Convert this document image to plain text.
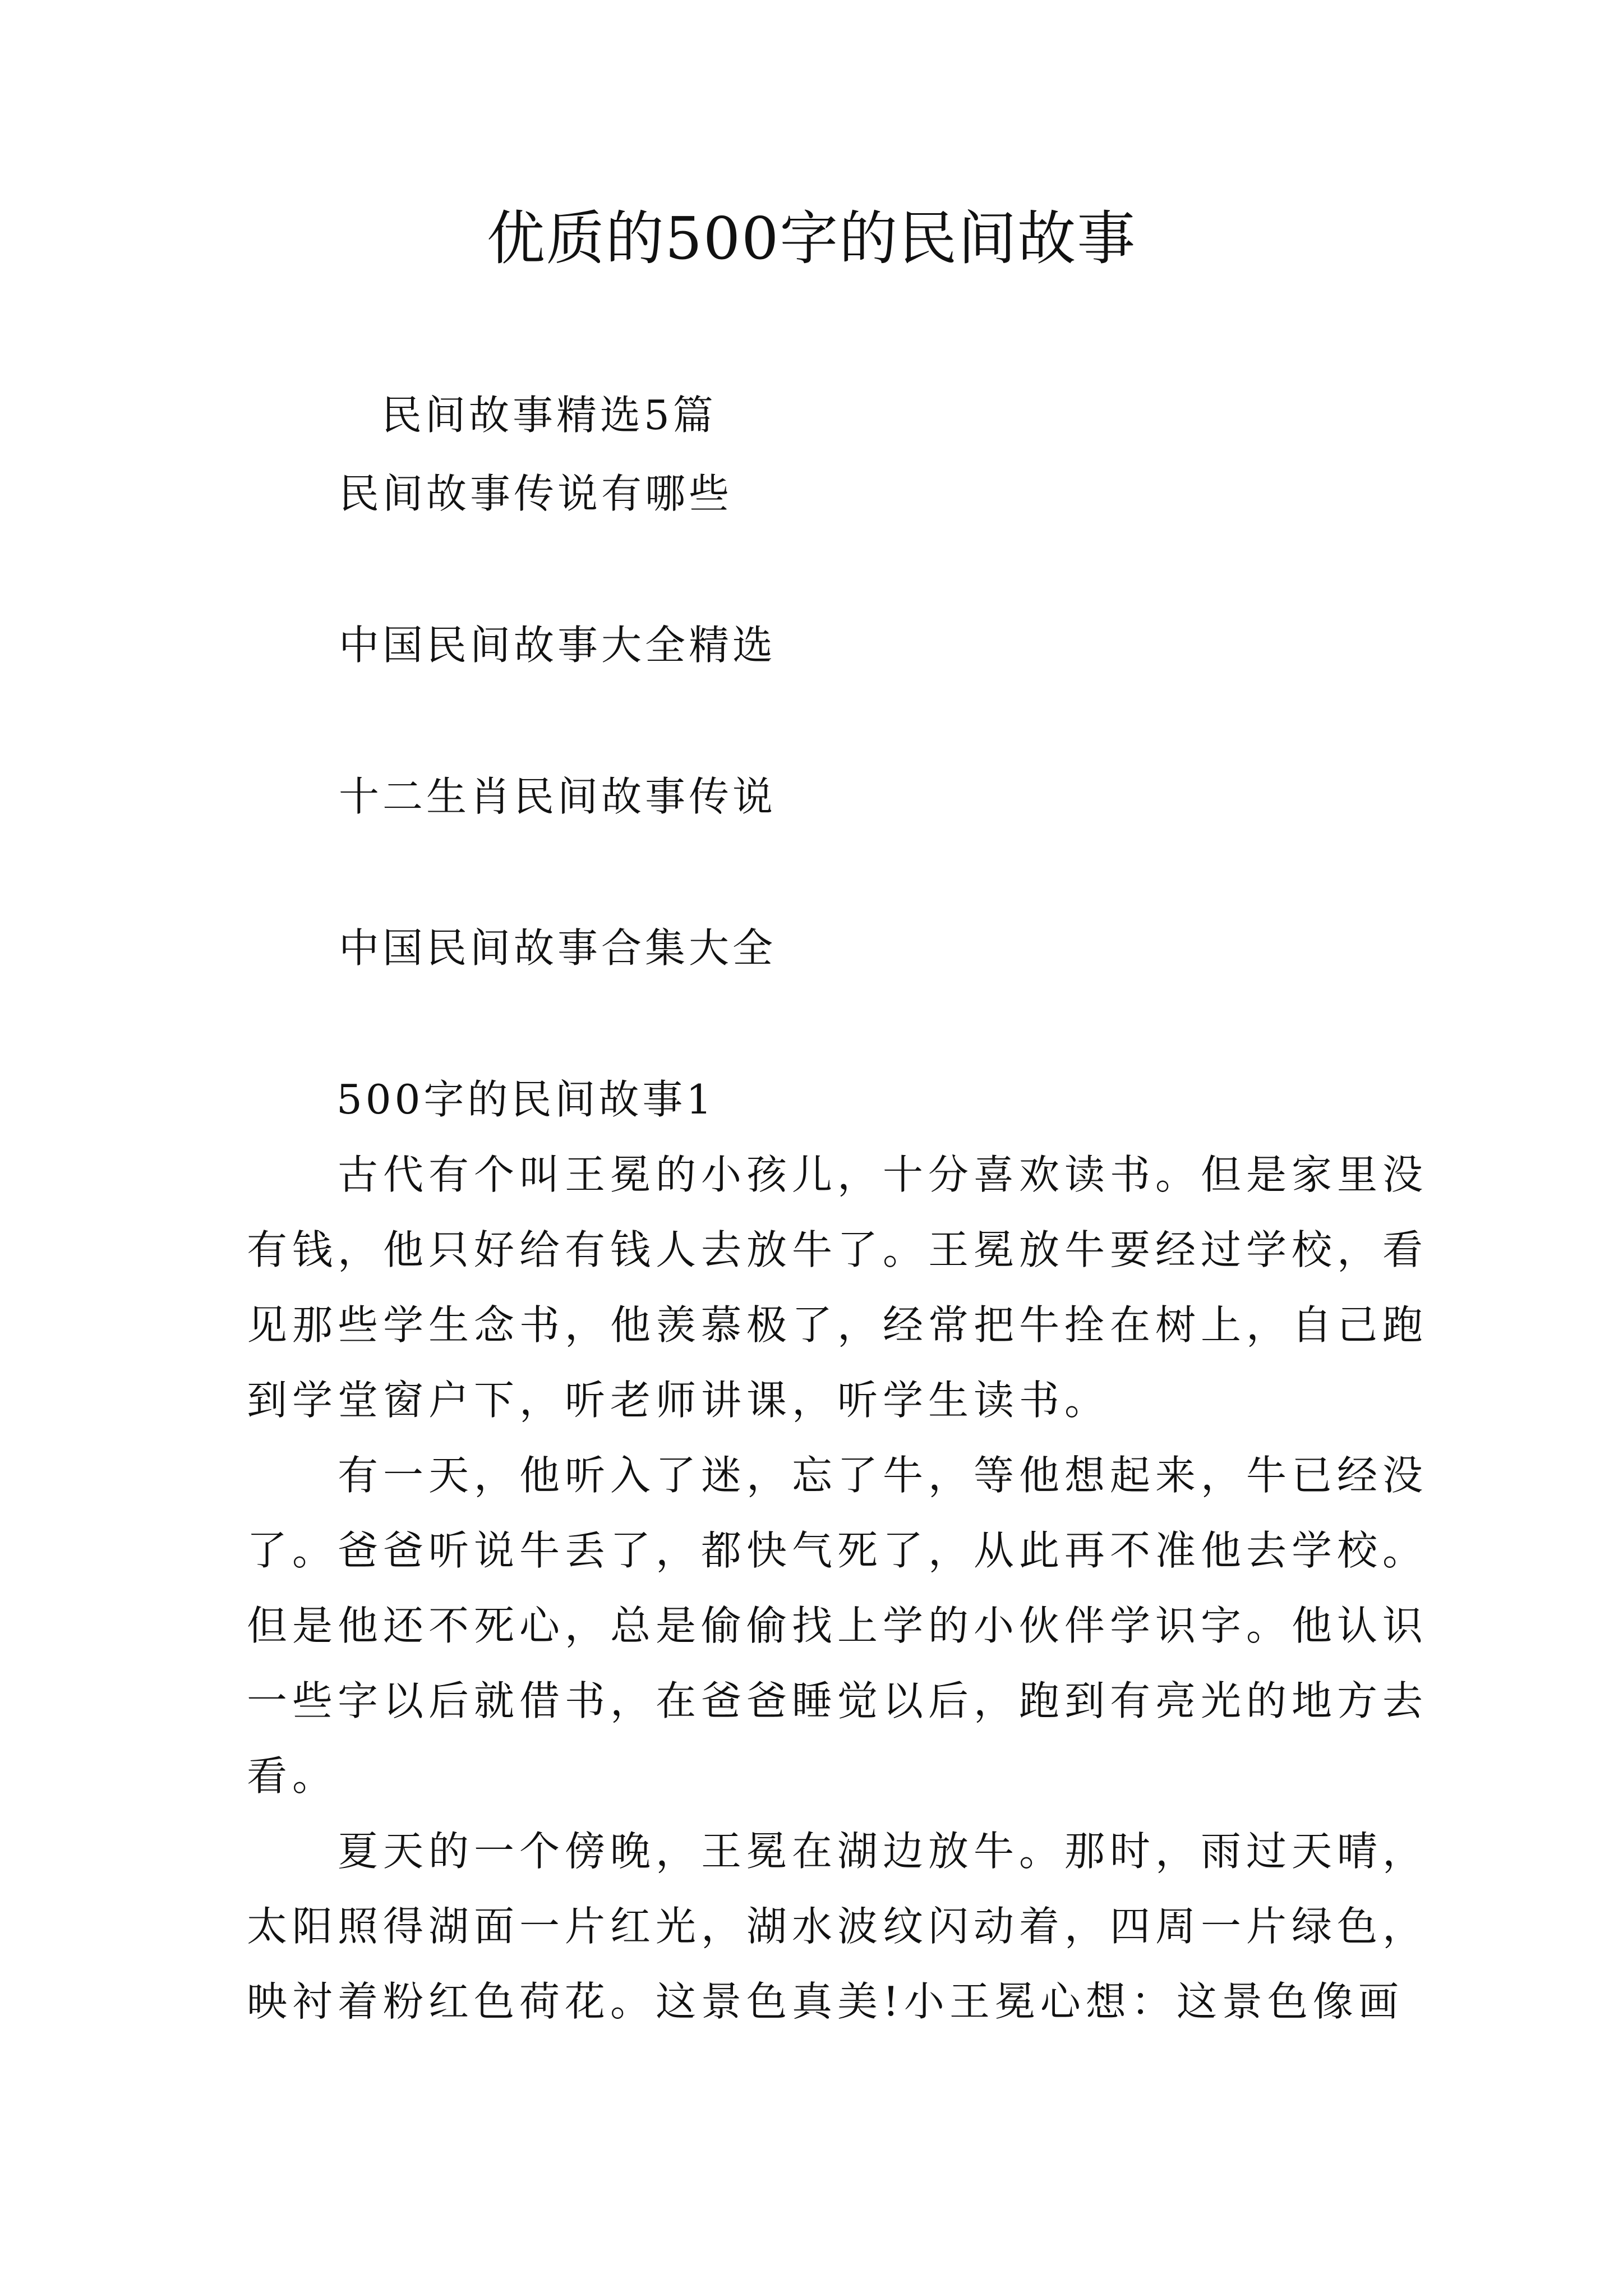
优质的500字的民间故事

民间故事精选5篇

民间故事传说有哪些

中国民间故事大全精选

十二生肖民间故事传说

中国民间故事合集大全

500字的民间故事1

　　古代有个叫王冕的小孩儿，十分喜欢读书。但是家里没

有钱，他只好给有钱人去放牛了。王冕放牛要经过学校，看

见那些学生念书，他羡慕极了，经常把牛拴在树上，自己跑

到学堂窗户下，听老师讲课，听学生读书。

　　有一天，他听入了迷，忘了牛，等他想起来，牛已经没

了。爸爸听说牛丢了，都快气死了，从此再不准他去学校。

但是他还不死心，总是偷偷找上学的小伙伴学识字。他认识

一些字以后就借书，在爸爸睡觉以后，跑到有亮光的地方去

看。

　　夏天的一个傍晚，王冕在湖边放牛。那时，雨过天晴，

太阳照得湖面一片红光，湖水波纹闪动着，四周一片绿色，

映衬着粉红色荷花。这景色真美!小王冕心想：这景色像画
